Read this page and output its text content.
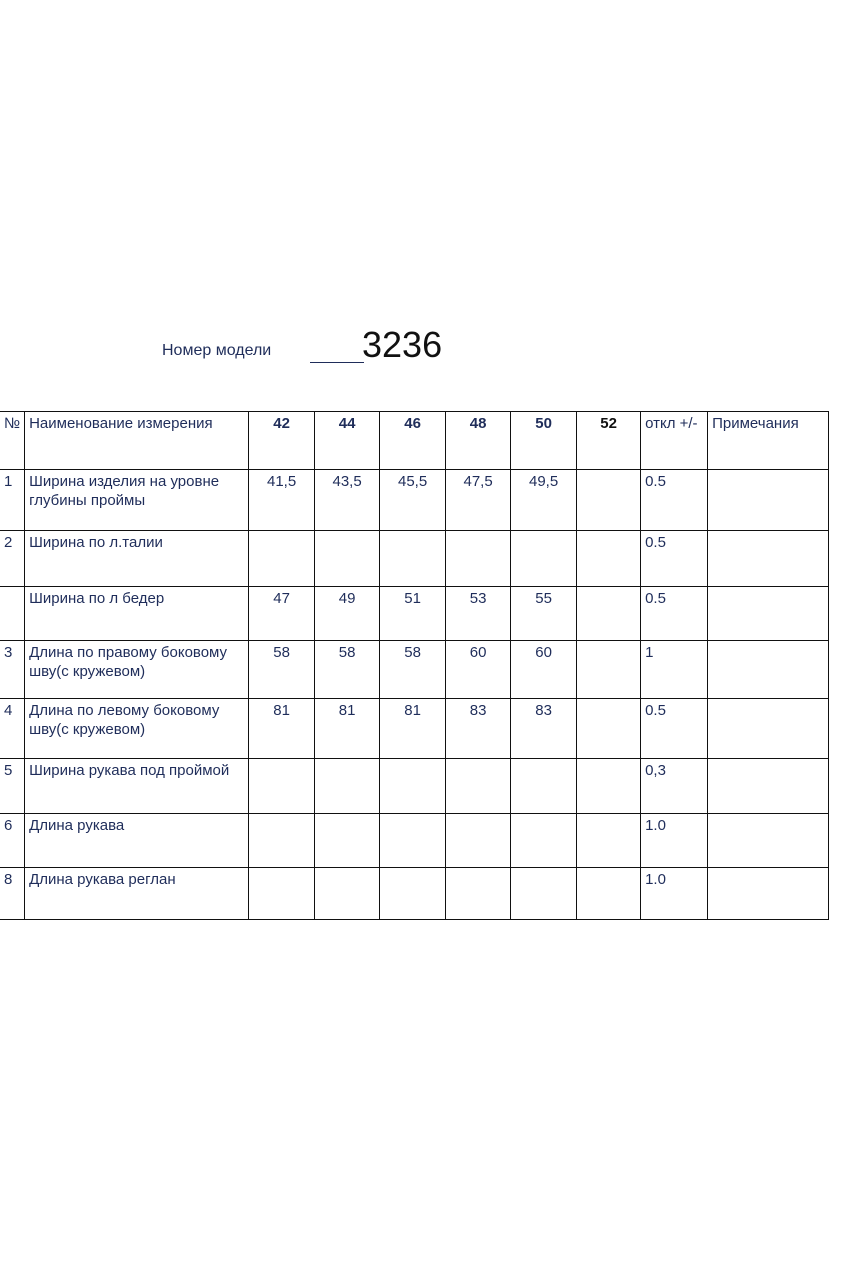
Номер модели	3236
№	Наименование измерения	42	44	46	48	50	52	откл +/-	Примечания
1	Ширина изделия на уровне глубины проймы	41,5	43,5	45,5	47,5	49,5		0.5	
2	Ширина по л.талии							0.5	
	Ширина по л бедер	47	49	51	53	55		0.5	
3	Длина по правому боковому шву(с кружевом)	58	58	58	60	60		1	
4	Длина по левому боковому шву(с кружевом)	81	81	81	83	83		0.5	
5	Ширина рукава под проймой							0,3	
6	Длина рукава							1.0	
8	Длина рукава реглан							1.0	
